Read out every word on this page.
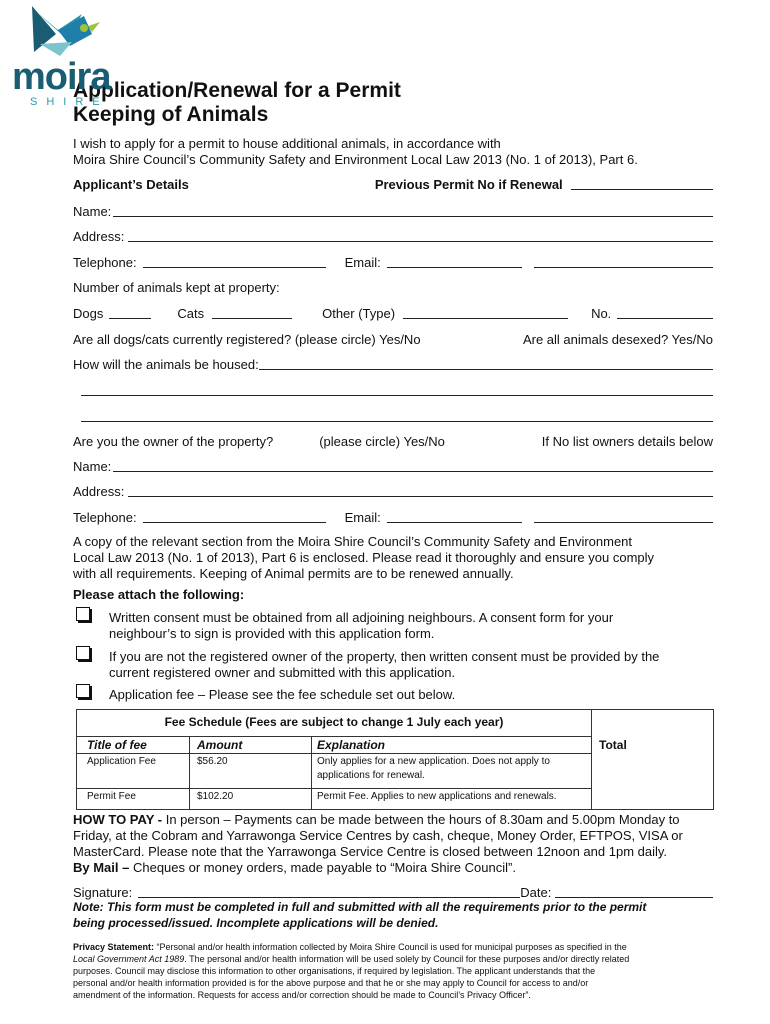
Application/Renewal for a Permit
Keeping of Animals
moira
SHIRE
I wish to apply for a permit to house additional animals, in accordance with
Moira Shire Council’s Community Safety and Environment Local Law 2013 (No. 1 of 2013), Part 6.
Applicant’s Details	Previous Permit No if Renewal
Name:
Address:
Telephone:	Email:
Number of animals kept at property:
Dogs	Cats	Other (Type)	No.
Are all dogs/cats currently registered? (please circle) Yes/No	Are all animals desexed? Yes/No
How will the animals be housed:
Are you the owner of the property?	(please circle) Yes/No	If No list owners details below
Name:
Address:
Telephone:	Email:
A copy of the relevant section from the Moira Shire Council’s Community Safety and Environment
Local Law 2013 (No. 1 of 2013), Part 6 is enclosed. Please read it thoroughly and ensure you comply
with all requirements. Keeping of Animal permits are to be renewed annually.
Please attach the following:
Written consent must be obtained from all adjoining neighbours. A consent form for your
neighbour’s to sign is provided with this application form.
If you are not the registered owner of the property, then written consent must be provided by the
current registered owner and submitted with this application.
Application fee – Please see the fee schedule set out below.
Fee Schedule (Fees are subject to change 1 July each year)
Title of fee	Amount	Explanation	Total
Application Fee	$56.20	Only applies for a new application. Does not apply to
applications for renewal.
Permit Fee	$102.20	Permit Fee. Applies to new applications and renewals.
HOW TO PAY - In person – Payments can be made between the hours of 8.30am and 5.00pm Monday to
Friday, at the Cobram and Yarrawonga Service Centres by cash, cheque, Money Order, EFTPOS, VISA or
MasterCard. Please note that the Yarrawonga Service Centre is closed between 12noon and 1pm daily.
By Mail – Cheques or money orders, made payable to “Moira Shire Council”.
Signature:	Date:
Note: This form must be completed in full and submitted with all the requirements prior to the permit
being processed/issued. Incomplete applications will be denied.
Privacy Statement: “Personal and/or health information collected by Moira Shire Council is used for municipal purposes as specified in the
Local Government Act 1989. The personal and/or health information will be used solely by Council for these purposes and/or directly related
purposes. Council may disclose this information to other organisations, if required by legislation. The applicant understands that the
personal and/or health information provided is for the above purpose and that he or she may apply to Council for access to and/or
amendment of the information. Requests for access and/or correction should be made to Council’s Privacy Officer”.
